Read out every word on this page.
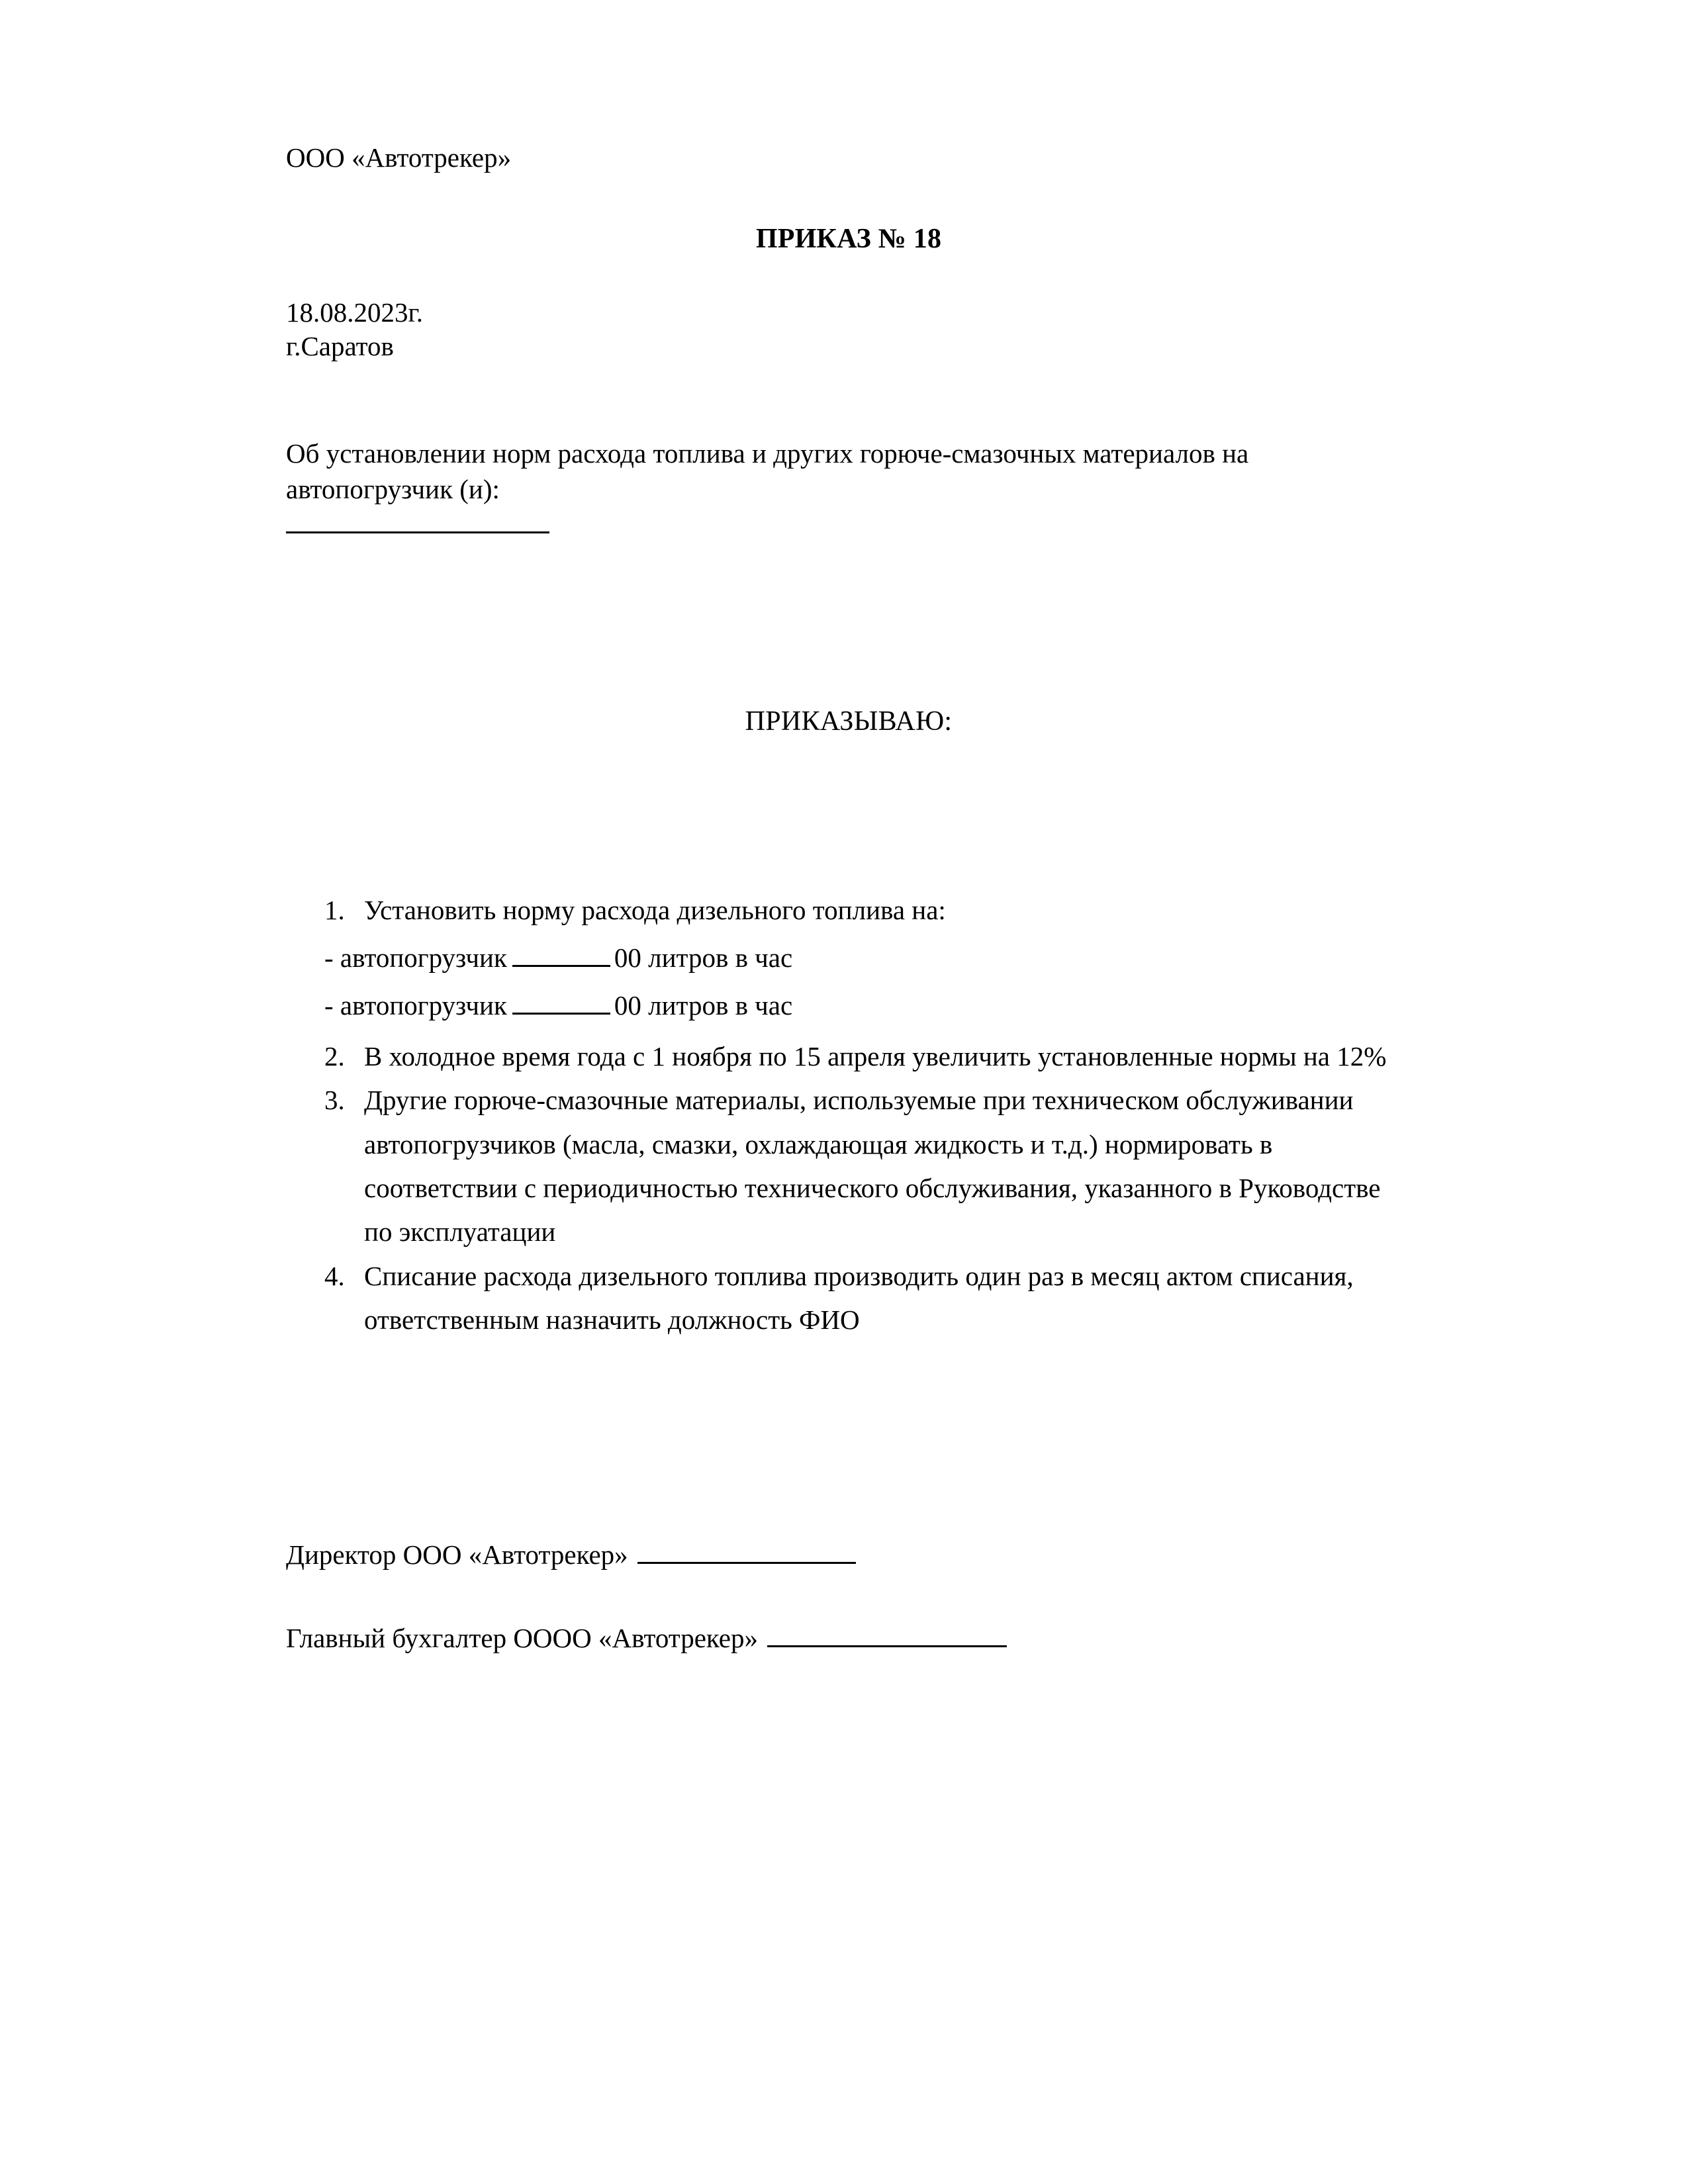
ООО «Автотрекер»
ПРИКАЗ № 18
18.08.2023г.
г.Саратов
Об установлении норм расхода топлива и других горюче-смазочных материалов на автопогрузчик (и):
ПРИКАЗЫВАЮ:
1. Установить норму расхода дизельного топлива на:
- автопогрузчик	00 литров в час
- автопогрузчик	00 литров в час
2. В холодное время года с 1 ноября по 15 апреля увеличить установленные нормы на 12%
3. Другие горюче-смазочные материалы, используемые при техническом обслуживании автопогрузчиков (масла, смазки, охлаждающая жидкость и т.д.) нормировать в соответствии с периодичностью технического обслуживания, указанного в Руководстве по эксплуатации
4. Списание расхода дизельного топлива производить один раз в месяц актом списания, ответственным назначить должность ФИО
Директор ООО «Автотрекер»
Главный бухгалтер ОООО «Автотрекер»
